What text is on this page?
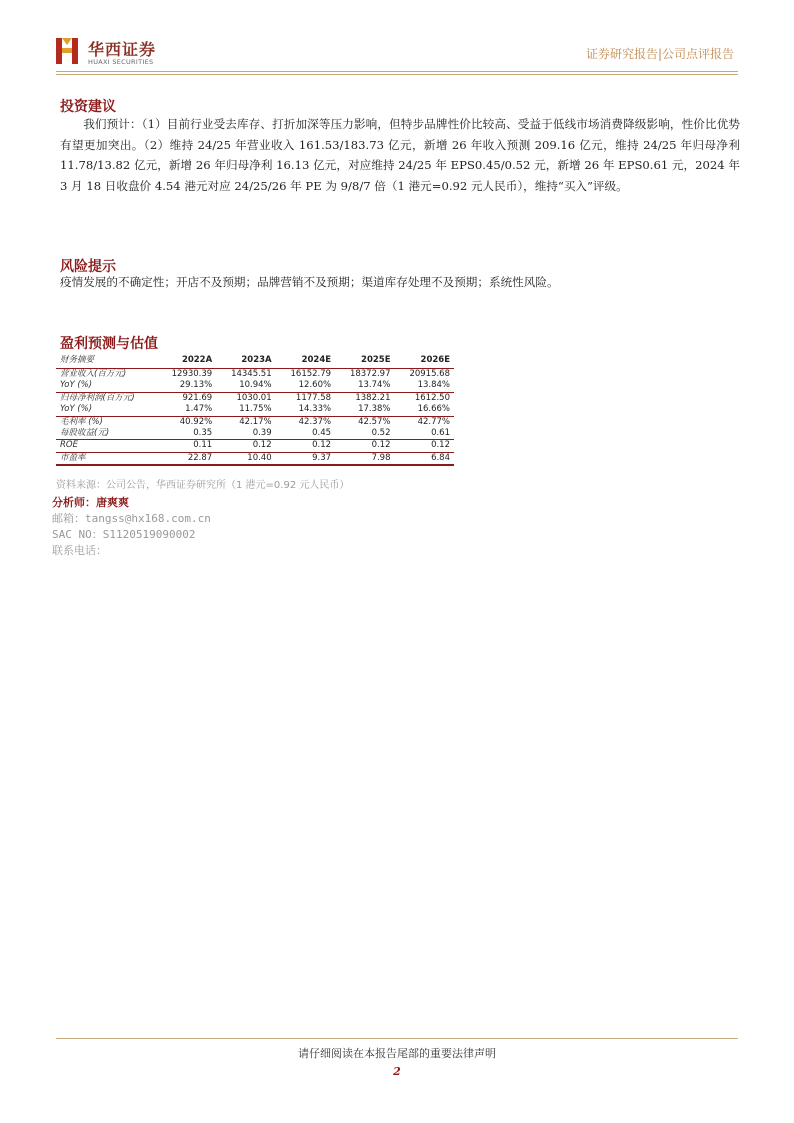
华西证券
HUAXI SECURITIES
证券研究报告|公司点评报告
投资建议
我们预计：（1）目前行业受去库存、打折加深等压力影响，但特步品牌性价比较高、受益于低线市场消费降级影响，性价比优势有望更加突出。（2）维持 24/25 年营业收入 161.53/183.73 亿元，新增 26 年收入预测 209.16 亿元，维持 24/25 年归母净利 11.78/13.82 亿元，新增 26 年归母净利 16.13 亿元，对应维持 24/25 年 EPS0.45/0.52 元，新增 26 年 EPS0.61 元，2024 年 3 月 18 日收盘价 4.54 港元对应 24/25/26 年 PE 为 9/8/7 倍（1 港元=0.92 元人民币），维持“买入”评级。
风险提示
疫情发展的不确定性；开店不及预期；品牌营销不及预期；渠道库存处理不及预期；系统性风险。
盈利预测与估值
财务摘要	2022A	2023A	2024E	2025E	2026E
营业收入(百万元)	12930.39	14345.51	16152.79	18372.97	20915.68
YoY (%)	29.13%	10.94%	12.60%	13.74%	13.84%
归母净利润(百万元)	921.69	1030.01	1177.58	1382.21	1612.50
YoY (%)	1.47%	11.75%	14.33%	17.38%	16.66%
毛利率 (%)	40.92%	42.17%	42.37%	42.57%	42.77%
每股收益(元)	0.35	0.39	0.45	0.52	0.61
ROE	0.11	0.12	0.12	0.12	0.12
市盈率	22.87	10.40	9.37	7.98	6.84
资料来源：公司公告，华西证券研究所（1 港元=0.92 元人民币）
分析师：唐爽爽
邮箱：tangss@hx168.com.cn
SAC NO：S1120519090002
联系电话：
请仔细阅读在本报告尾部的重要法律声明
2
